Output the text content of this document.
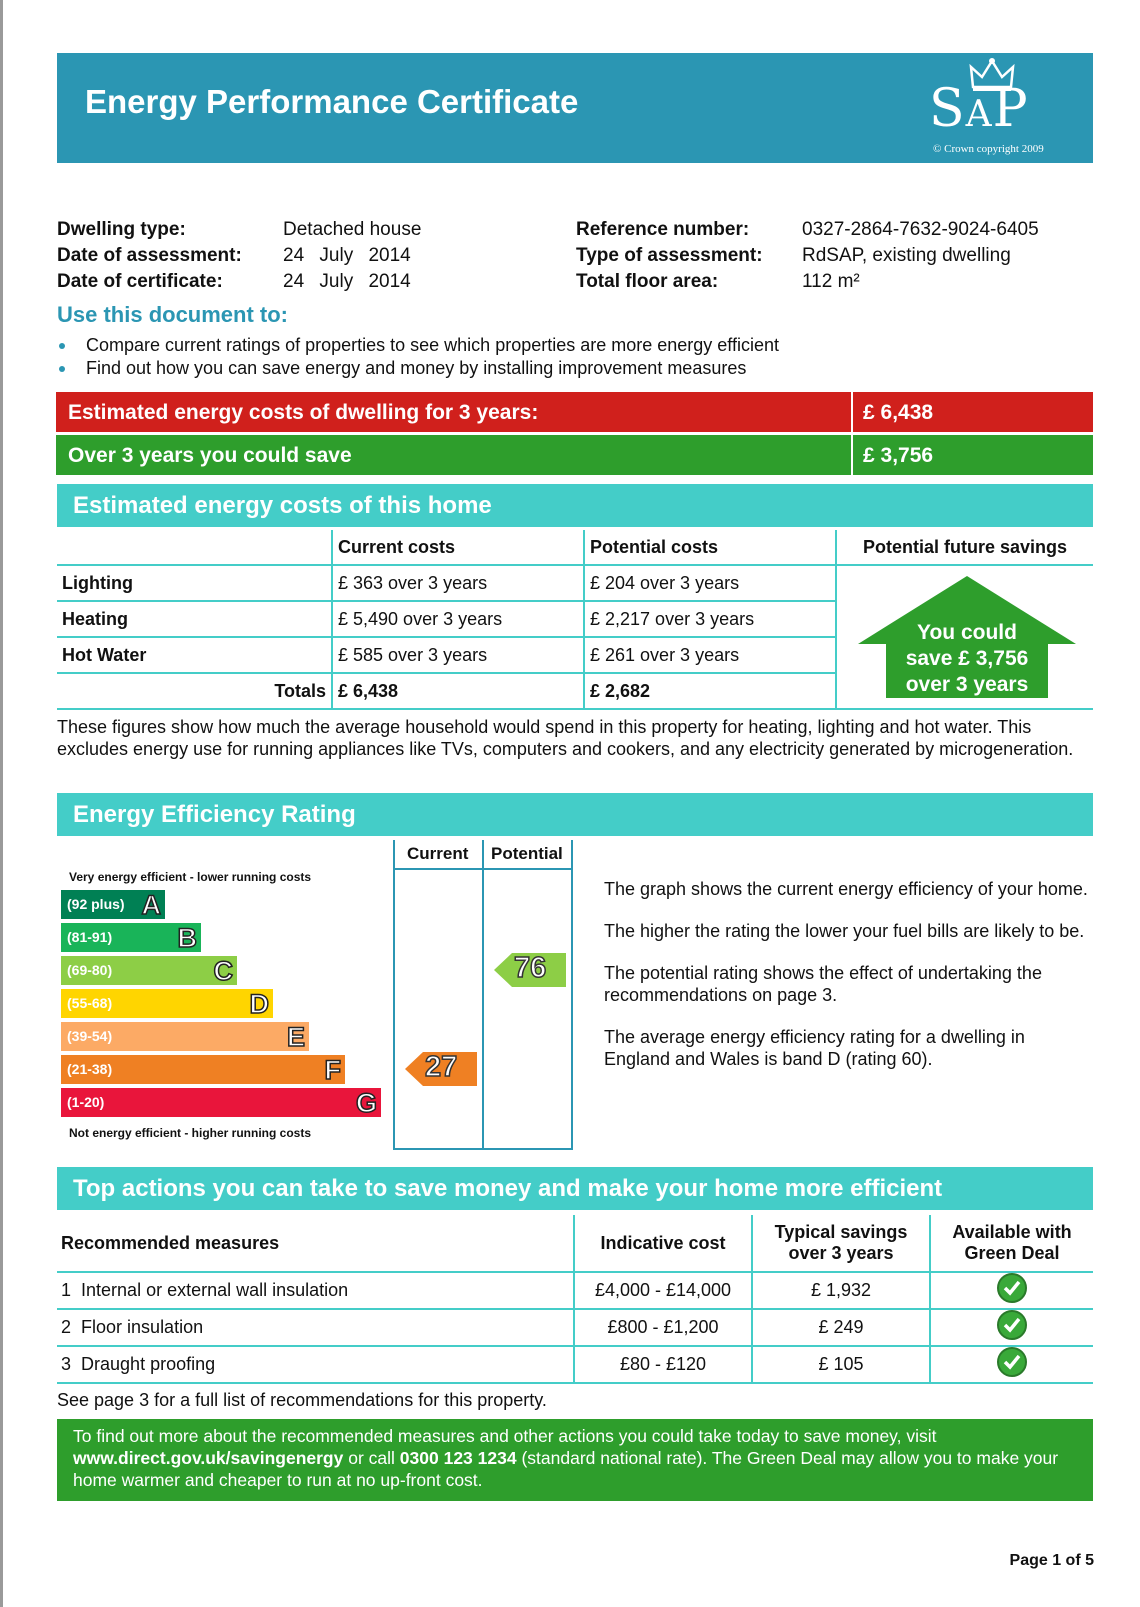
Energy Performance Certificate	SAP
© Crown copyright 2009
Dwelling type:	Detached house
Date of assessment: 24 July 2014
Date of certificate:	24 July 2014
Reference number:	0327-2864-7632-9024-6405
Type of assessment: RdSAP, existing dwelling
Total floor area:	112 m²
Use this document to:
Compare current ratings of properties to see which properties are more energy efficient
Find out how you can save energy and money by installing improvement measures
Estimated energy costs of dwelling for 3 years:	£ 6,438
Over 3 years you could save	£ 3,756
Estimated energy costs of this home
	Current costs	Potential costs	Potential future savings
Lighting	£ 363 over 3 years	£ 204 over 3 years	
Heating	£ 5,490 over 3 years	£ 2,217 over 3 years	
Hot Water	£ 585 over 3 years	£ 261 over 3 years	
Totals	£ 6,438	£ 2,682	
You could
save £ 3,756
over 3 years
These figures show how much the average household would spend in this property for heating, lighting and hot water. This excludes energy use for running appliances like TVs, computers and cookers, and any electricity generated by microgeneration.
Energy Efficiency Rating
Current Potential
Very energy efficient - lower running costs
Not energy efficient - higher running costs
(92 plus) A
(81-91) B
(69-80)	C
(55-68)	D
(39-54)	E
(21-38)	F
(1-20)	G
27
76

The graph shows the current energy efficiency of your home.

The higher the rating the lower your fuel bills are likely to be.

The potential rating shows the effect of undertaking the recommendations on page 3.

The average energy efficiency rating for a dwelling in England and Wales is band D (rating 60).

Top actions you can take to save money and make your home more efficient
Recommended measures	Indicative cost	Typical savings over 3 years	Available with Green Deal
1 Internal or external wall insulation	£4,000 - £14,000	£ 1,932	

2 Floor insulation	£800 - £1,200	£ 249	

3 Draught proofing	£80 - £120	£ 105	
See page 3 for a full list of recommendations for this property.
To find out more about the recommended measures and other actions you could take today to save money, visit www.direct.gov.uk/savingenergy or call 0300 123 1234 (standard national rate). The Green Deal may allow you to make your home warmer and cheaper to run at no up-front cost.
Page 1 of 5
